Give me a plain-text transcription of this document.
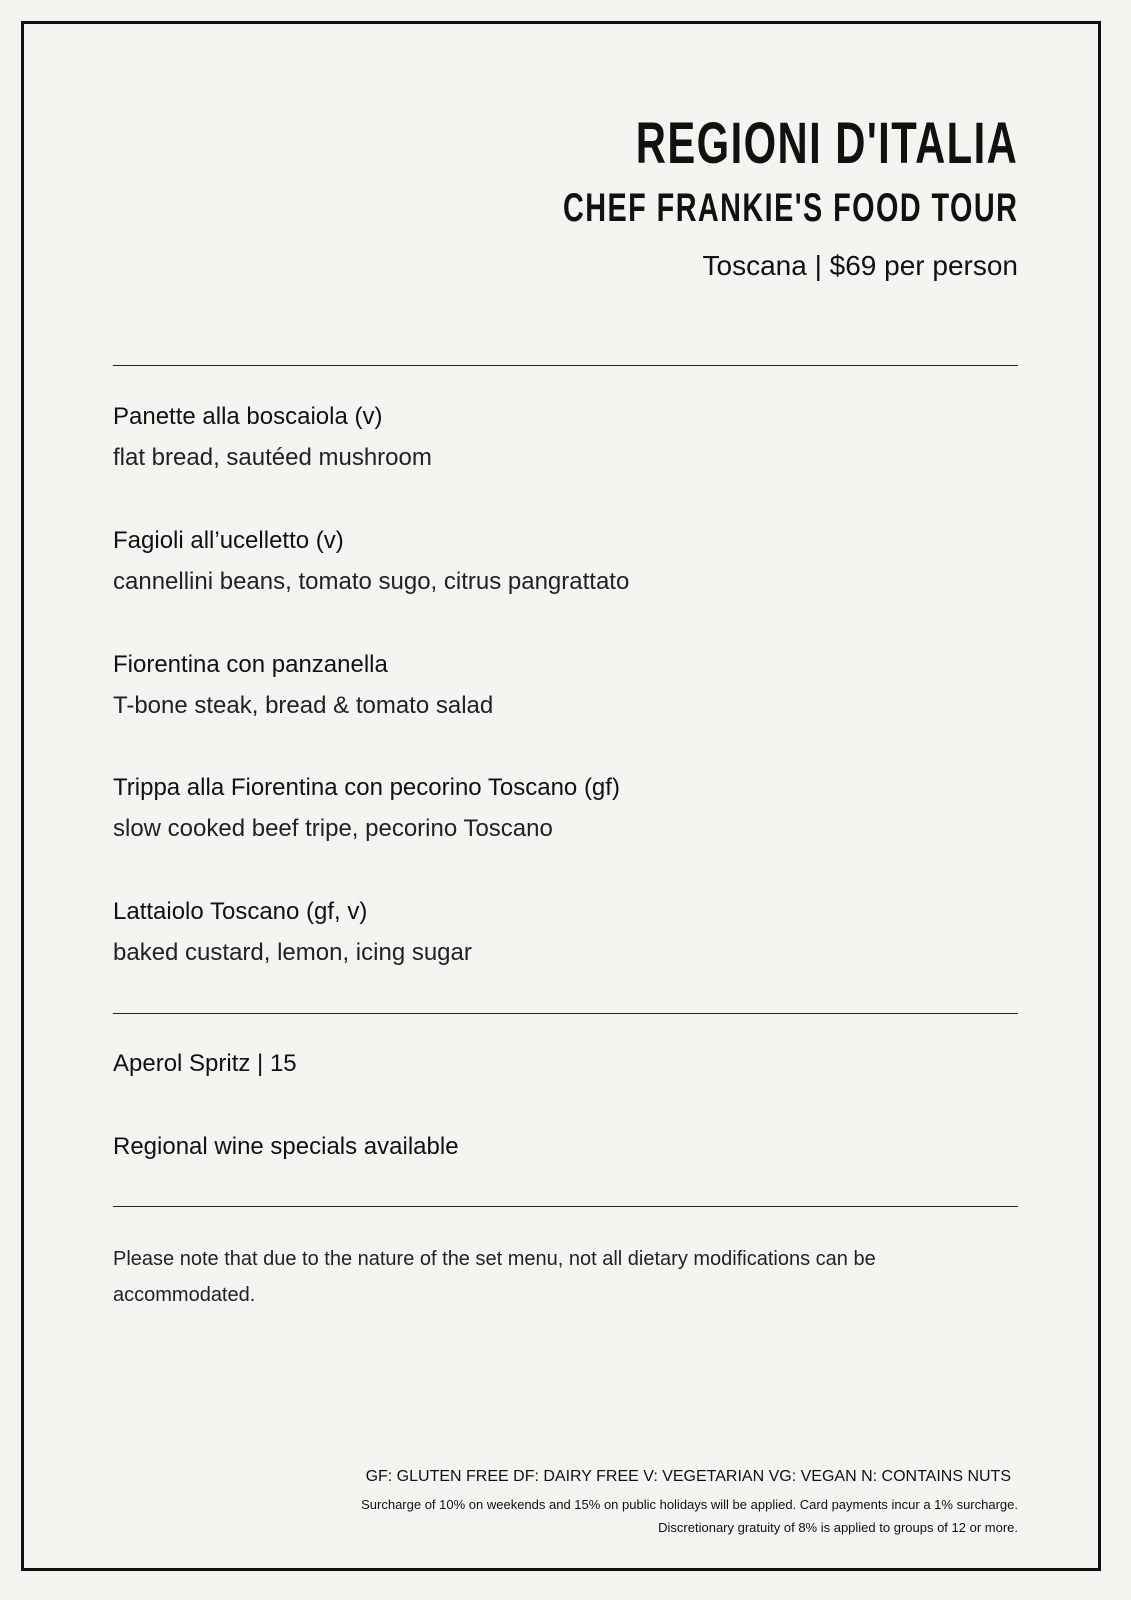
REGIONI D'ITALIA
CHEF FRANKIE'S FOOD TOUR
Toscana | $69 per person
Panette alla boscaiola (v)
flat bread, sautéed mushroom
Fagioli all’ucelletto (v)
cannellini beans, tomato sugo, citrus pangrattato
Fiorentina con panzanella
T-bone steak, bread & tomato salad
Trippa alla Fiorentina con pecorino Toscano (gf)
slow cooked beef tripe, pecorino Toscano
Lattaiolo Toscano (gf, v)
baked custard, lemon, icing sugar
Aperol Spritz | 15
Regional wine specials available
Please note that due to the nature of the set menu, not all dietary modifications can be accommodated.
GF: GLUTEN FREE DF: DAIRY FREE V: VEGETARIAN VG: VEGAN N: CONTAINS NUTS
Surcharge of 10% on weekends and 15% on public holidays will be applied. Card payments incur a 1% surcharge.
Discretionary gratuity of 8% is applied to groups of 12 or more.
